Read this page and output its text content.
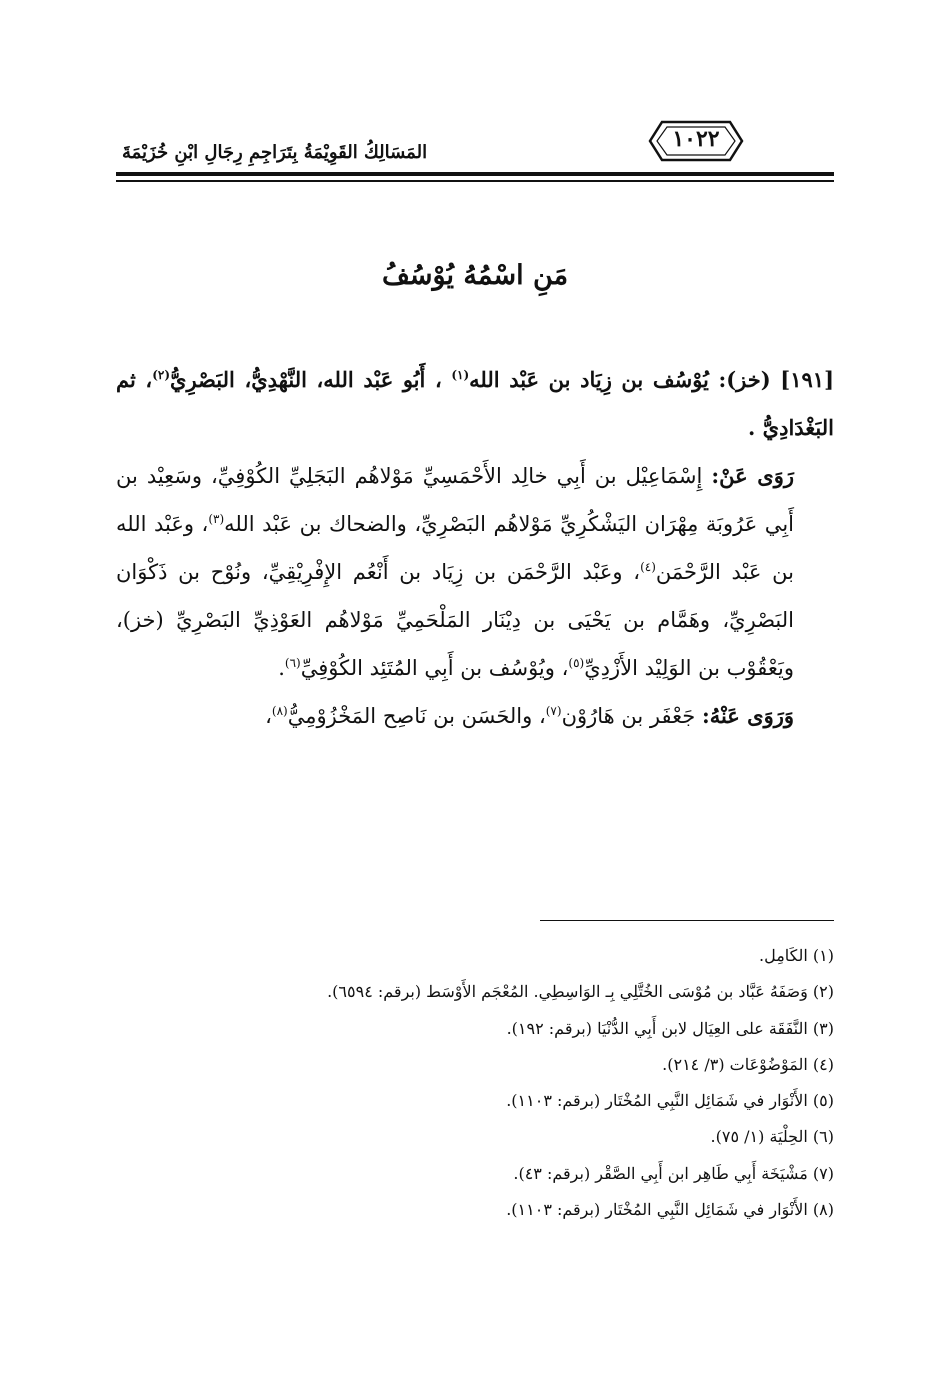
١٠٢٢
المَسَالِكُ القَوِيْمَةُ بِتَرَاجِمِ رِجَالِ ابْنِ خُزَيْمَةَ
مَنِ اسْمُهُ يُوْسُفُ

[١٩١] (خز): يُوْسُف بن زِيَاد بن عَبْد الله$^{(١)}$ ، أَبُو عَبْد الله، النَّهْدِيُّ، البَصْرِيُّ$^{(٢)}$، ثم البَغْدَادِيُّ .

رَوَى عَنْ: إِسْمَاعِيْل بن أَبِي خالِد الأَحْمَسِيِّ مَوْلاهُم البَجَلِيِّ الكُوْفِيِّ، وسَعِيْد بن أَبِي عَرُوبَة مِهْرَان اليَشْكُرِيِّ مَوْلاهُم البَصْرِيِّ، والضحاك بن عَبْد الله$^{(٣)}$، وعَبْد الله بن عَبْد الرَّحْمَن$^{(٤)}$، وعَبْد الرَّحْمَن بن زِيَاد بن أَنْعُم الإِفْرِيْقِيِّ، ونُوْح بن ذَكْوَان البَصْرِيِّ، وهَمَّام بن يَحْيَى بن دِيْنَار المَلْحَمِيِّ مَوْلاهُم العَوْذِيِّ البَصْرِيِّ (خز)، ويَعْقُوْب بن الوَلِيْد الأَزْدِيِّ$^{(٥)}$، ويُوْسُف بن أَبِي المُتَئِد الكُوْفِيِّ$^{(٦)}$.

وَرَوَى عَنْهُ: جَعْفَر بن هَارُوْن$^{(٧)}$، والحَسَن بن نَاصِح المَخْزُوْمِيُّ$^{(٨)}$،

(١) الكَامِل.
(٢) وَصَفَهُ عَبَّاد بن مُوْسَى الخُتَّلِي بِـ الوَاسِطِي. المُعْجَم الأَوْسَط (برقم: ٦٥٩٤).
(٣) النَّفَقَة على العِيَال لابن أَبِي الدُّنْيَا (برقم: ١٩٢).
(٤) المَوْضُوْعَات (٣/ ٢١٤).
(٥) الأَنْوَار في شَمَائِل النَّبِي المُخْتَار (برقم: ١١٠٣).
(٦) الحِلْيَة (١/ ٧٥).
(٧) مَشْيَخَة أَبِي طَاهِر ابن أَبِي الصَّقْر (برقم: ٤٣).
(٨) الأَنْوَار في شَمَائِل النَّبِي المُخْتَار (برقم: ١١٠٣).
